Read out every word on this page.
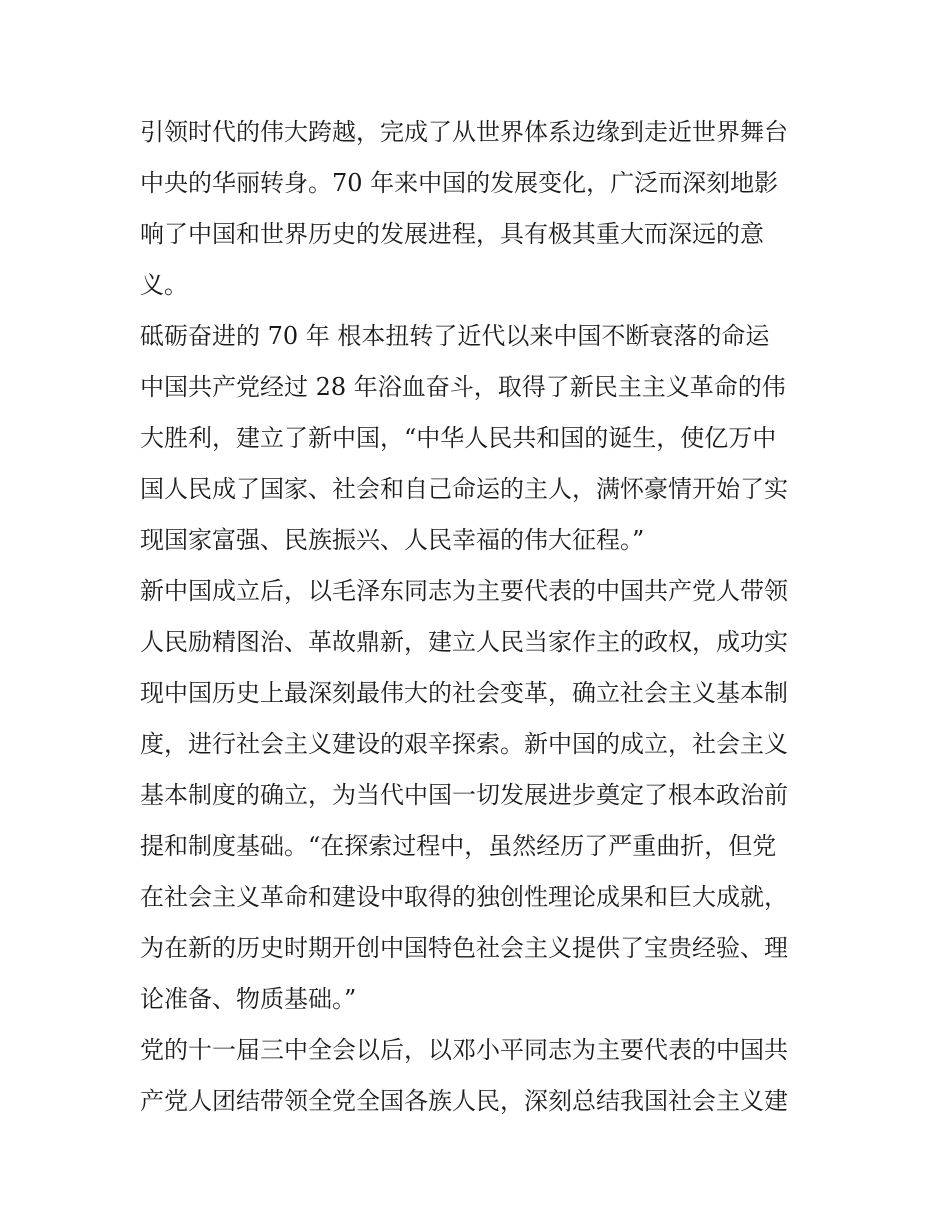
引领时代的伟大跨越，完成了从世界体系边缘到走近世界舞台
中央的华丽转身。70 年来中国的发展变化，广泛而深刻地影
响了中国和世界历史的发展进程，具有极其重大而深远的意
义。
砥砺奋进的 70 年 根本扭转了近代以来中国不断衰落的命运
中国共产党经过 28 年浴血奋斗，取得了新民主主义革命的伟
大胜利，建立了新中国，“中华人民共和国的诞生，使亿万中
国人民成了国家、社会和自己命运的主人，满怀豪情开始了实
现国家富强、民族振兴、人民幸福的伟大征程。”
新中国成立后，以毛泽东同志为主要代表的中国共产党人带领
人民励精图治、革故鼎新，建立人民当家作主的政权，成功实
现中国历史上最深刻最伟大的社会变革，确立社会主义基本制
度，进行社会主义建设的艰辛探索。新中国的成立，社会主义
基本制度的确立，为当代中国一切发展进步奠定了根本政治前
提和制度基础。“在探索过程中，虽然经历了严重曲折，但党
在社会主义革命和建设中取得的独创性理论成果和巨大成就，
为在新的历史时期开创中国特色社会主义提供了宝贵经验、理
论准备、物质基础。”
党的十一届三中全会以后，以邓小平同志为主要代表的中国共
产党人团结带领全党全国各族人民，深刻总结我国社会主义建
